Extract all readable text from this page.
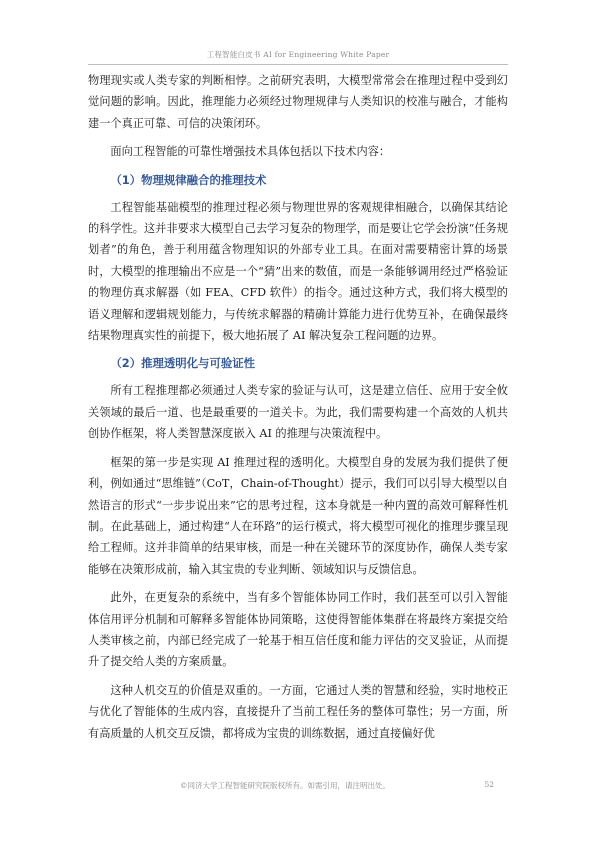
工程智能白皮书 AI for Engineering White Paper

物理现实或人类专家的判断相悖。之前研究表明，大模型常常会在推理过程中受到幻觉问题的影响。因此，推理能力必须经过物理规律与人类知识的校准与融合，才能构建一个真正可靠、可信的决策闭环。

面向工程智能的可靠性增强技术具体包括以下技术内容：

（1）物理规律融合的推理技术

工程智能基础模型的推理过程必须与物理世界的客观规律相融合，以确保其结论的科学性。这并非要求大模型自己去学习复杂的物理学，而是要让它学会扮演“任务规划者”的角色，善于利用蕴含物理知识的外部专业工具。在面对需要精密计算的场景时，大模型的推理输出不应是一个“猜”出来的数值，而是一条能够调用经过严格验证的物理仿真求解器（如 FEA、CFD 软件）的指令。通过这种方式，我们将大模型的语义理解和逻辑规划能力，与传统求解器的精确计算能力进行优势互补，在确保最终结果物理真实性的前提下，极大地拓展了 AI 解决复杂工程问题的边界。

（2）推理透明化与可验证性

所有工程推理都必须通过人类专家的验证与认可，这是建立信任、应用于安全攸关领域的最后一道、也是最重要的一道关卡。为此，我们需要构建一个高效的人机共创协作框架，将人类智慧深度嵌入 AI 的推理与决策流程中。

框架的第一步是实现 AI 推理过程的透明化。大模型自身的发展为我们提供了便利，例如通过“思维链”（CoT，Chain-of-Thought）提示，我们可以引导大模型以自然语言的形式“一步步说出来”它的思考过程，这本身就是一种内置的高效可解释性机制。在此基础上，通过构建“人在环路”的运行模式，将大模型可视化的推理步骤呈现给工程师。这并非简单的结果审核，而是一种在关键环节的深度协作，确保人类专家能够在决策形成前，输入其宝贵的专业判断、领域知识与反馈信息。

此外，在更复杂的系统中，当有多个智能体协同工作时，我们甚至可以引入智能体信用评分机制和可解释多智能体协同策略，这使得智能体集群在将最终方案提交给人类审核之前，内部已经完成了一轮基于相互信任度和能力评估的交叉验证，从而提升了提交给人类的方案质量。

这种人机交互的价值是双重的。一方面，它通过人类的智慧和经验，实时地校正与优化了智能体的生成内容，直接提升了当前工程任务的整体可靠性；另一方面，所有高质量的人机交互反馈，都将成为宝贵的训练数据，通过直接偏好优

©同济大学工程智能研究院版权所有。如需引用，请注明出处。	52
